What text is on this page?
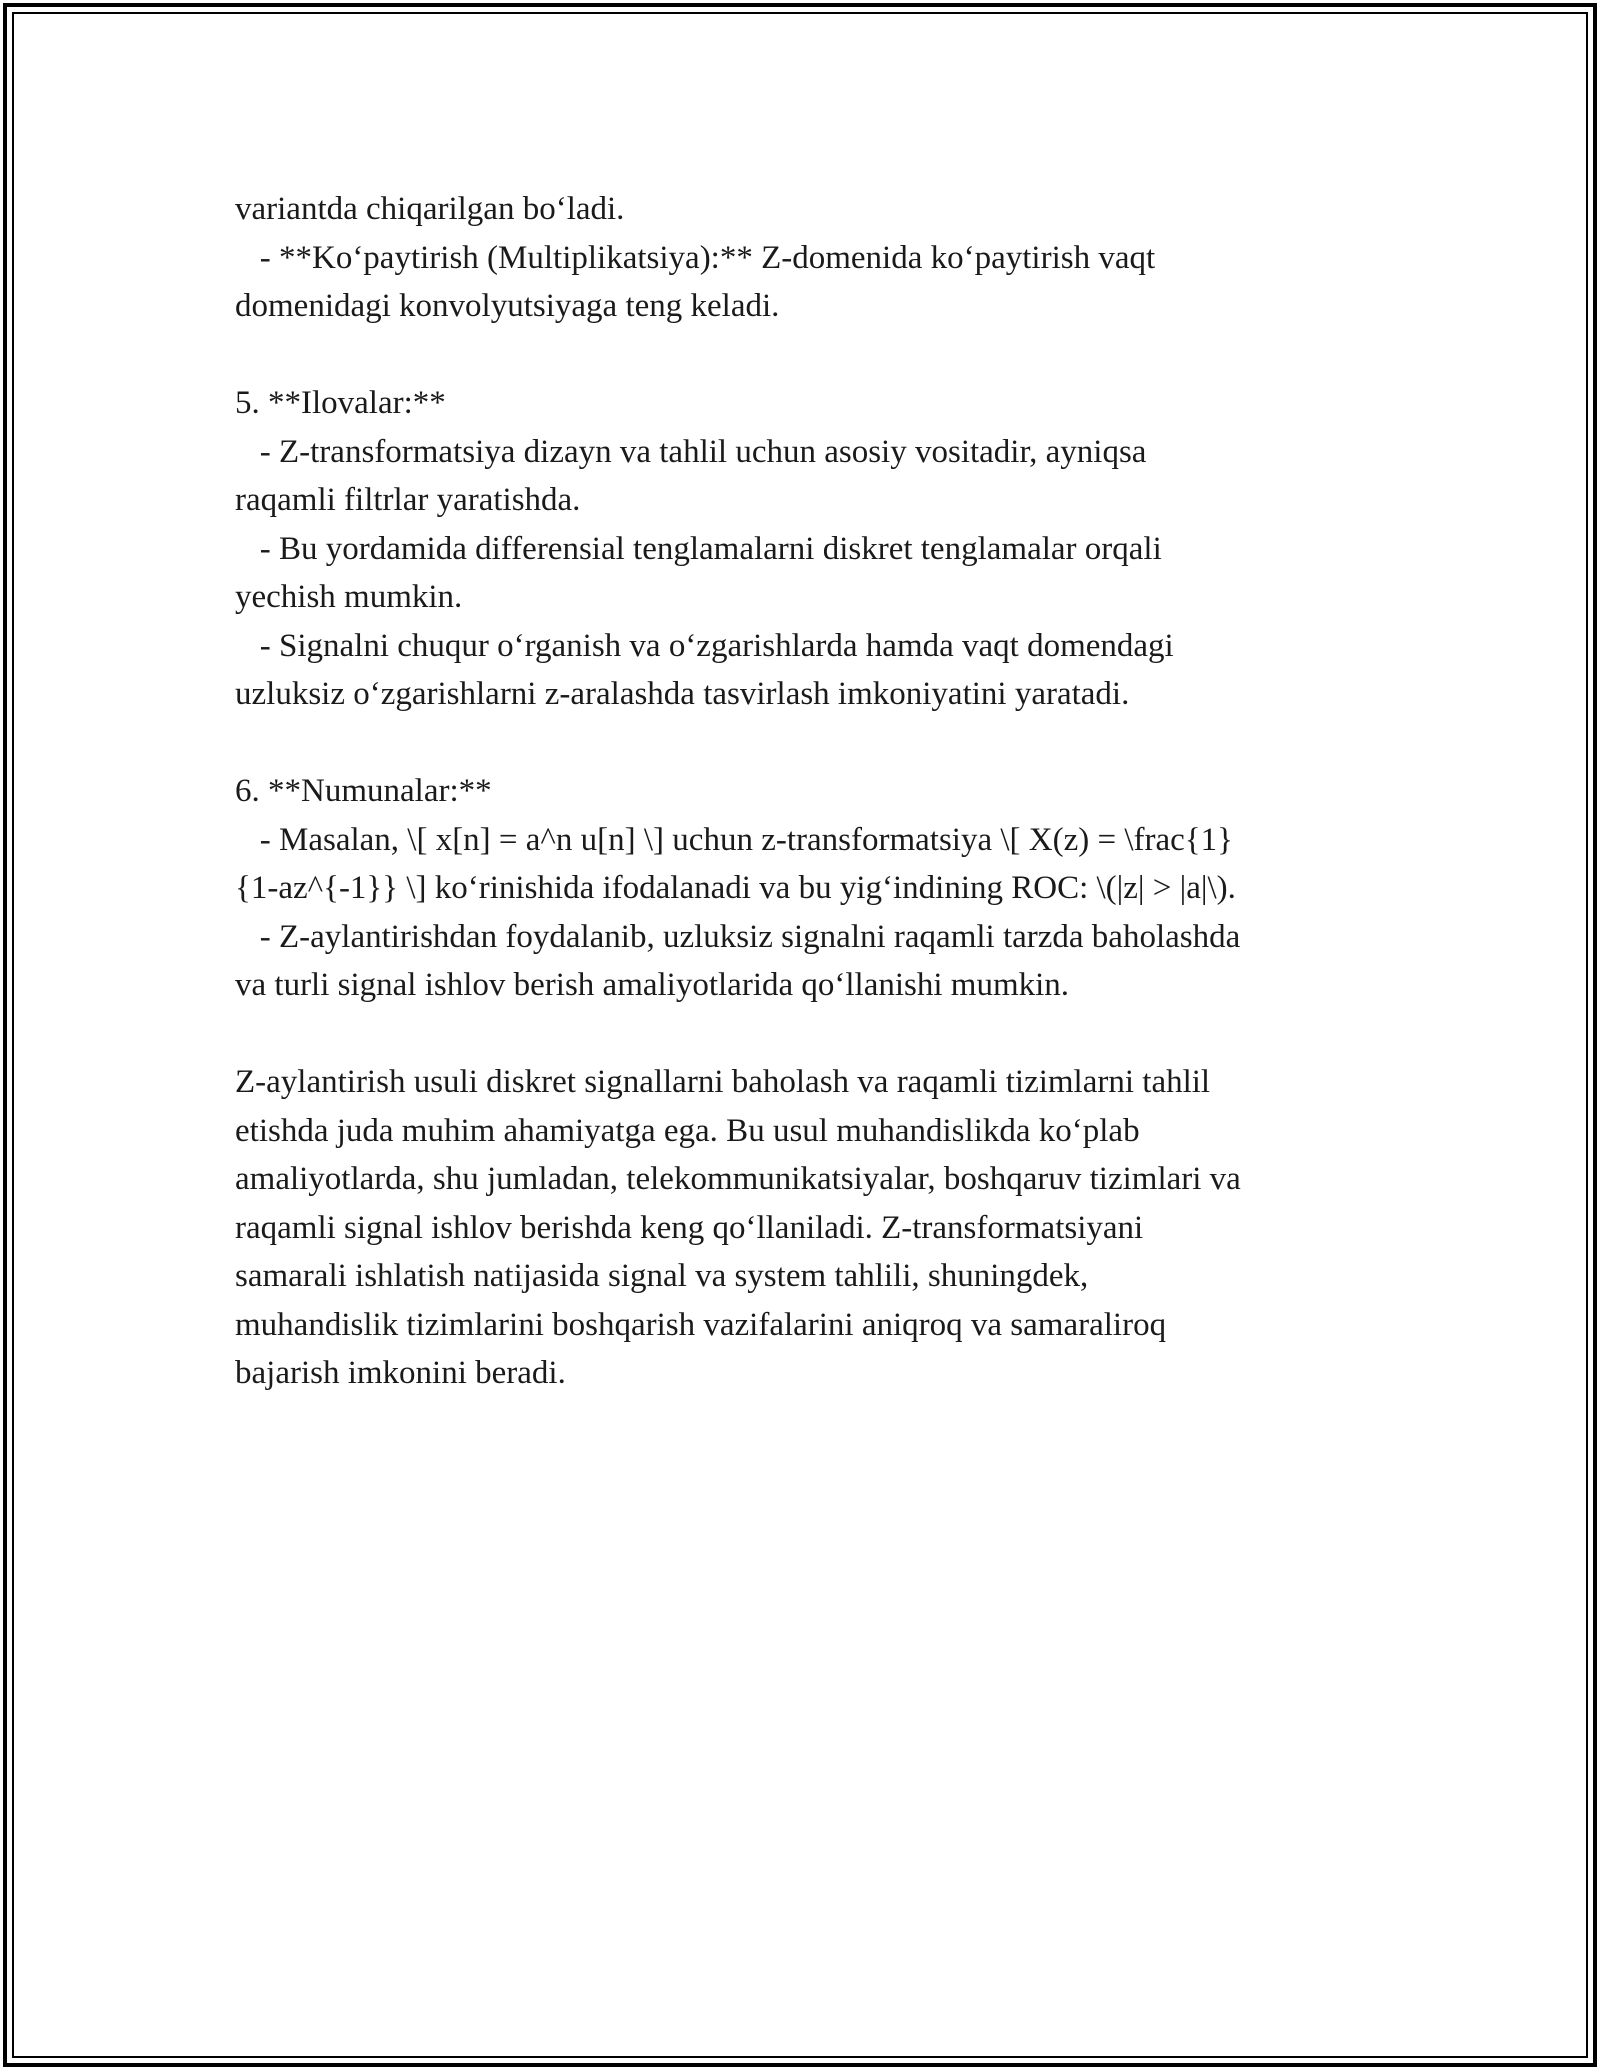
variantda chiqarilgan bo‘ladi.
- **Ko‘paytirish (Multiplikatsiya):** Z-domenida ko‘paytirish vaqt
domenidagi konvolyutsiyaga teng keladi.

5. **Ilovalar:**
- Z-transformatsiya dizayn va tahlil uchun asosiy vositadir, ayniqsa
raqamli filtrlar yaratishda.
- Bu yordamida differensial tenglamalarni diskret tenglamalar orqali
yechish mumkin.
- Signalni chuqur o‘rganish va o‘zgarishlarda hamda vaqt domendagi
uzluksiz o‘zgarishlarni z-aralashda tasvirlash imkoniyatini yaratadi.

6. **Numunalar:**
- Masalan, \[ x[n] = a^n u[n] \] uchun z-transformatsiya \[ X(z) = \frac{1}
{1-az^{-1}} \] ko‘rinishida ifodalanadi va bu yig‘indining ROC: \(|z| > |a|\).
- Z-aylantirishdan foydalanib, uzluksiz signalni raqamli tarzda baholashda
va turli signal ishlov berish amaliyotlarida qo‘llanishi mumkin.

Z-aylantirish usuli diskret signallarni baholash va raqamli tizimlarni tahlil
etishda juda muhim ahamiyatga ega. Bu usul muhandislikda ko‘plab
amaliyotlarda, shu jumladan, telekommunikatsiyalar, boshqaruv tizimlari va
raqamli signal ishlov berishda keng qo‘llaniladi. Z-transformatsiyani
samarali ishlatish natijasida signal va system tahlili, shuningdek,
muhandislik tizimlarini boshqarish vazifalarini aniqroq va samaraliroq
bajarish imkonini beradi.
